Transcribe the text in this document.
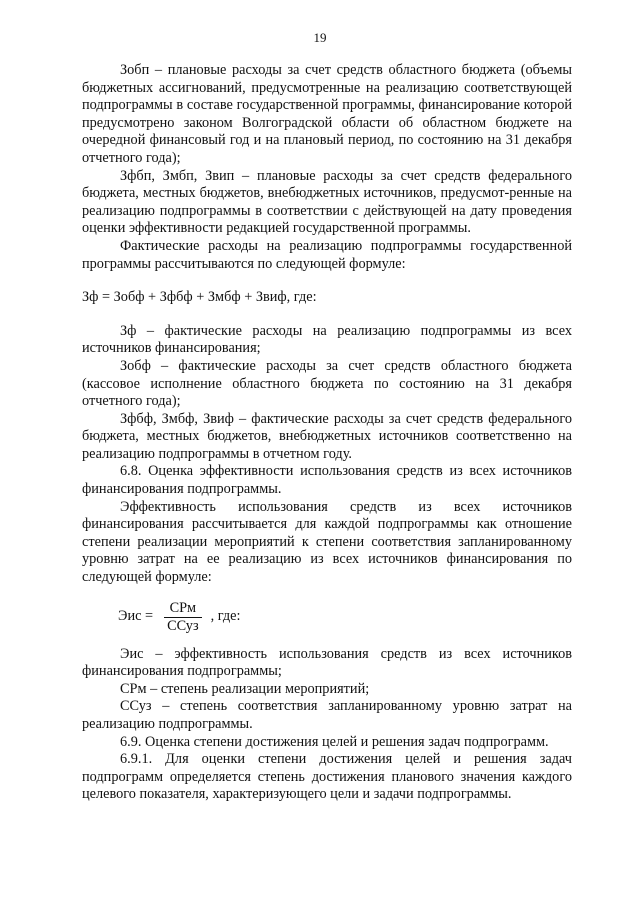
19

Зобп – плановые расходы за счет средств областного бюджета (объемы бюджетных ассигнований, предусмотренные на реализацию соответствующей подпрограммы в составе государственной программы, финансирование которой предусмотрено законом Волгоградской области об областном бюджете на очередной финансовый год и на плановый период, по состоянию на 31 декабря отчетного года);

Зфбп, Змбп, Звип – плановые расходы за счет средств федерального бюджета, местных бюджетов, внебюджетных источников, предусмот-ренные на реализацию подпрограммы в соответствии с действующей на дату проведения оценки эффективности редакцией государственной программы.

Фактические расходы на реализацию подпрограммы государственной программы рассчитываются по следующей формуле:

Зф = Зобф + Зфбф + Змбф + Звиф, где:

Зф – фактические расходы на реализацию подпрограммы из всех источников финансирования;

Зобф – фактические расходы за счет средств областного бюджета (кассовое исполнение областного бюджета по состоянию на 31 декабря отчетного года);

Зфбф, Змбф, Звиф – фактические расходы за счет средств федерального бюджета, местных бюджетов, внебюджетных источников соответственно на реализацию подпрограммы в отчетном году.

6.8. Оценка эффективности использования средств из всех источников финансирования подпрограммы.

Эффективность использования средств из всех источников финансирования рассчитывается для каждой подпрограммы как отношение степени реализации мероприятий к степени соответствия запланированному уровню затрат на ее реализацию из всех источников финансирования по следующей формуле:

Эис = $\frac{\text{СРм}}{\text{ССуз}}$ , где:

Эис – эффективность использования средств из всех источников финансирования подпрограммы;

СРм – степень реализации мероприятий;

ССуз – степень соответствия запланированному уровню затрат на реализацию подпрограммы.

6.9. Оценка степени достижения целей и решения задач подпрограмм.

6.9.1. Для оценки степени достижения целей и решения задач подпрограмм определяется степень достижения планового значения каждого целевого показателя, характеризующего цели и задачи подпрограммы.
